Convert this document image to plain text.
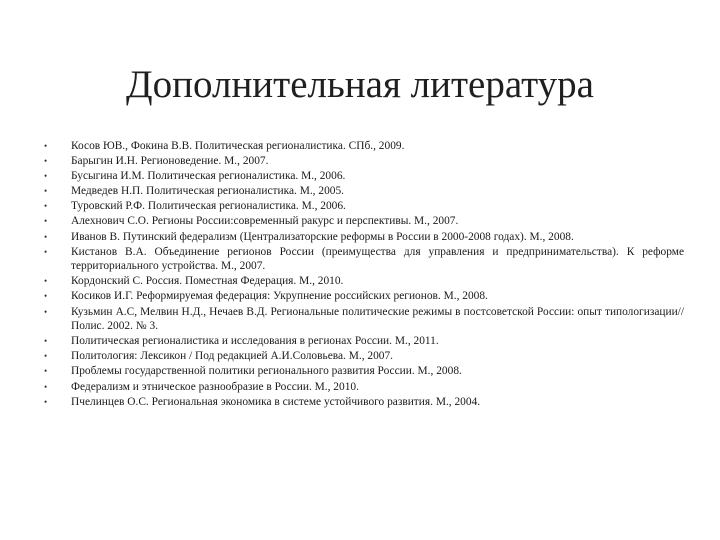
Дополнительная литература
•	Косов ЮВ., Фокина В.В. Политическая регионалистика. СПб., 2009.
•	Барыгин И.Н. Регионоведение. М., 2007.
•	Бусыгина И.М. Политическая регионалистика. М., 2006.
•	Медведев Н.П. Политическая регионалистика. М., 2005.
•	Туровский Р.Ф. Политическая регионалистика. М., 2006.
•	Алехнович С.О. Регионы России:современный ракурс и перспективы. М., 2007.
•	Иванов В. Путинский федерализм (Централизаторские реформы в России в 2000-2008 годах). М., 2008.
•	Кистанов В.А. Объединение регионов России (преимущества для управления и предпринимательства). К реформе территориального устройства. М., 2007.
•	Кордонский С. Россия. Поместная Федерация. М., 2010.
•	Косиков И.Г. Реформируемая федерация: Укрупнение российских регионов. М., 2008.
•	Кузьмин А.С, Мелвин Н.Д., Нечаев В.Д. Региональные политические режимы в постсоветской России: опыт типологизации// Полис. 2002. № 3.
•	Политическая регионалистика и исследования в регионах России. М., 2011.
•	Политология: Лексикон / Под редакцией А.И.Соловьева. М., 2007.
•	Проблемы государственной политики регионального развития России. М., 2008.
•	Федерализм и этническое разнообразие в России. М., 2010.
•	Пчелинцев О.С. Региональная экономика в системе устойчивого развития. М., 2004.
